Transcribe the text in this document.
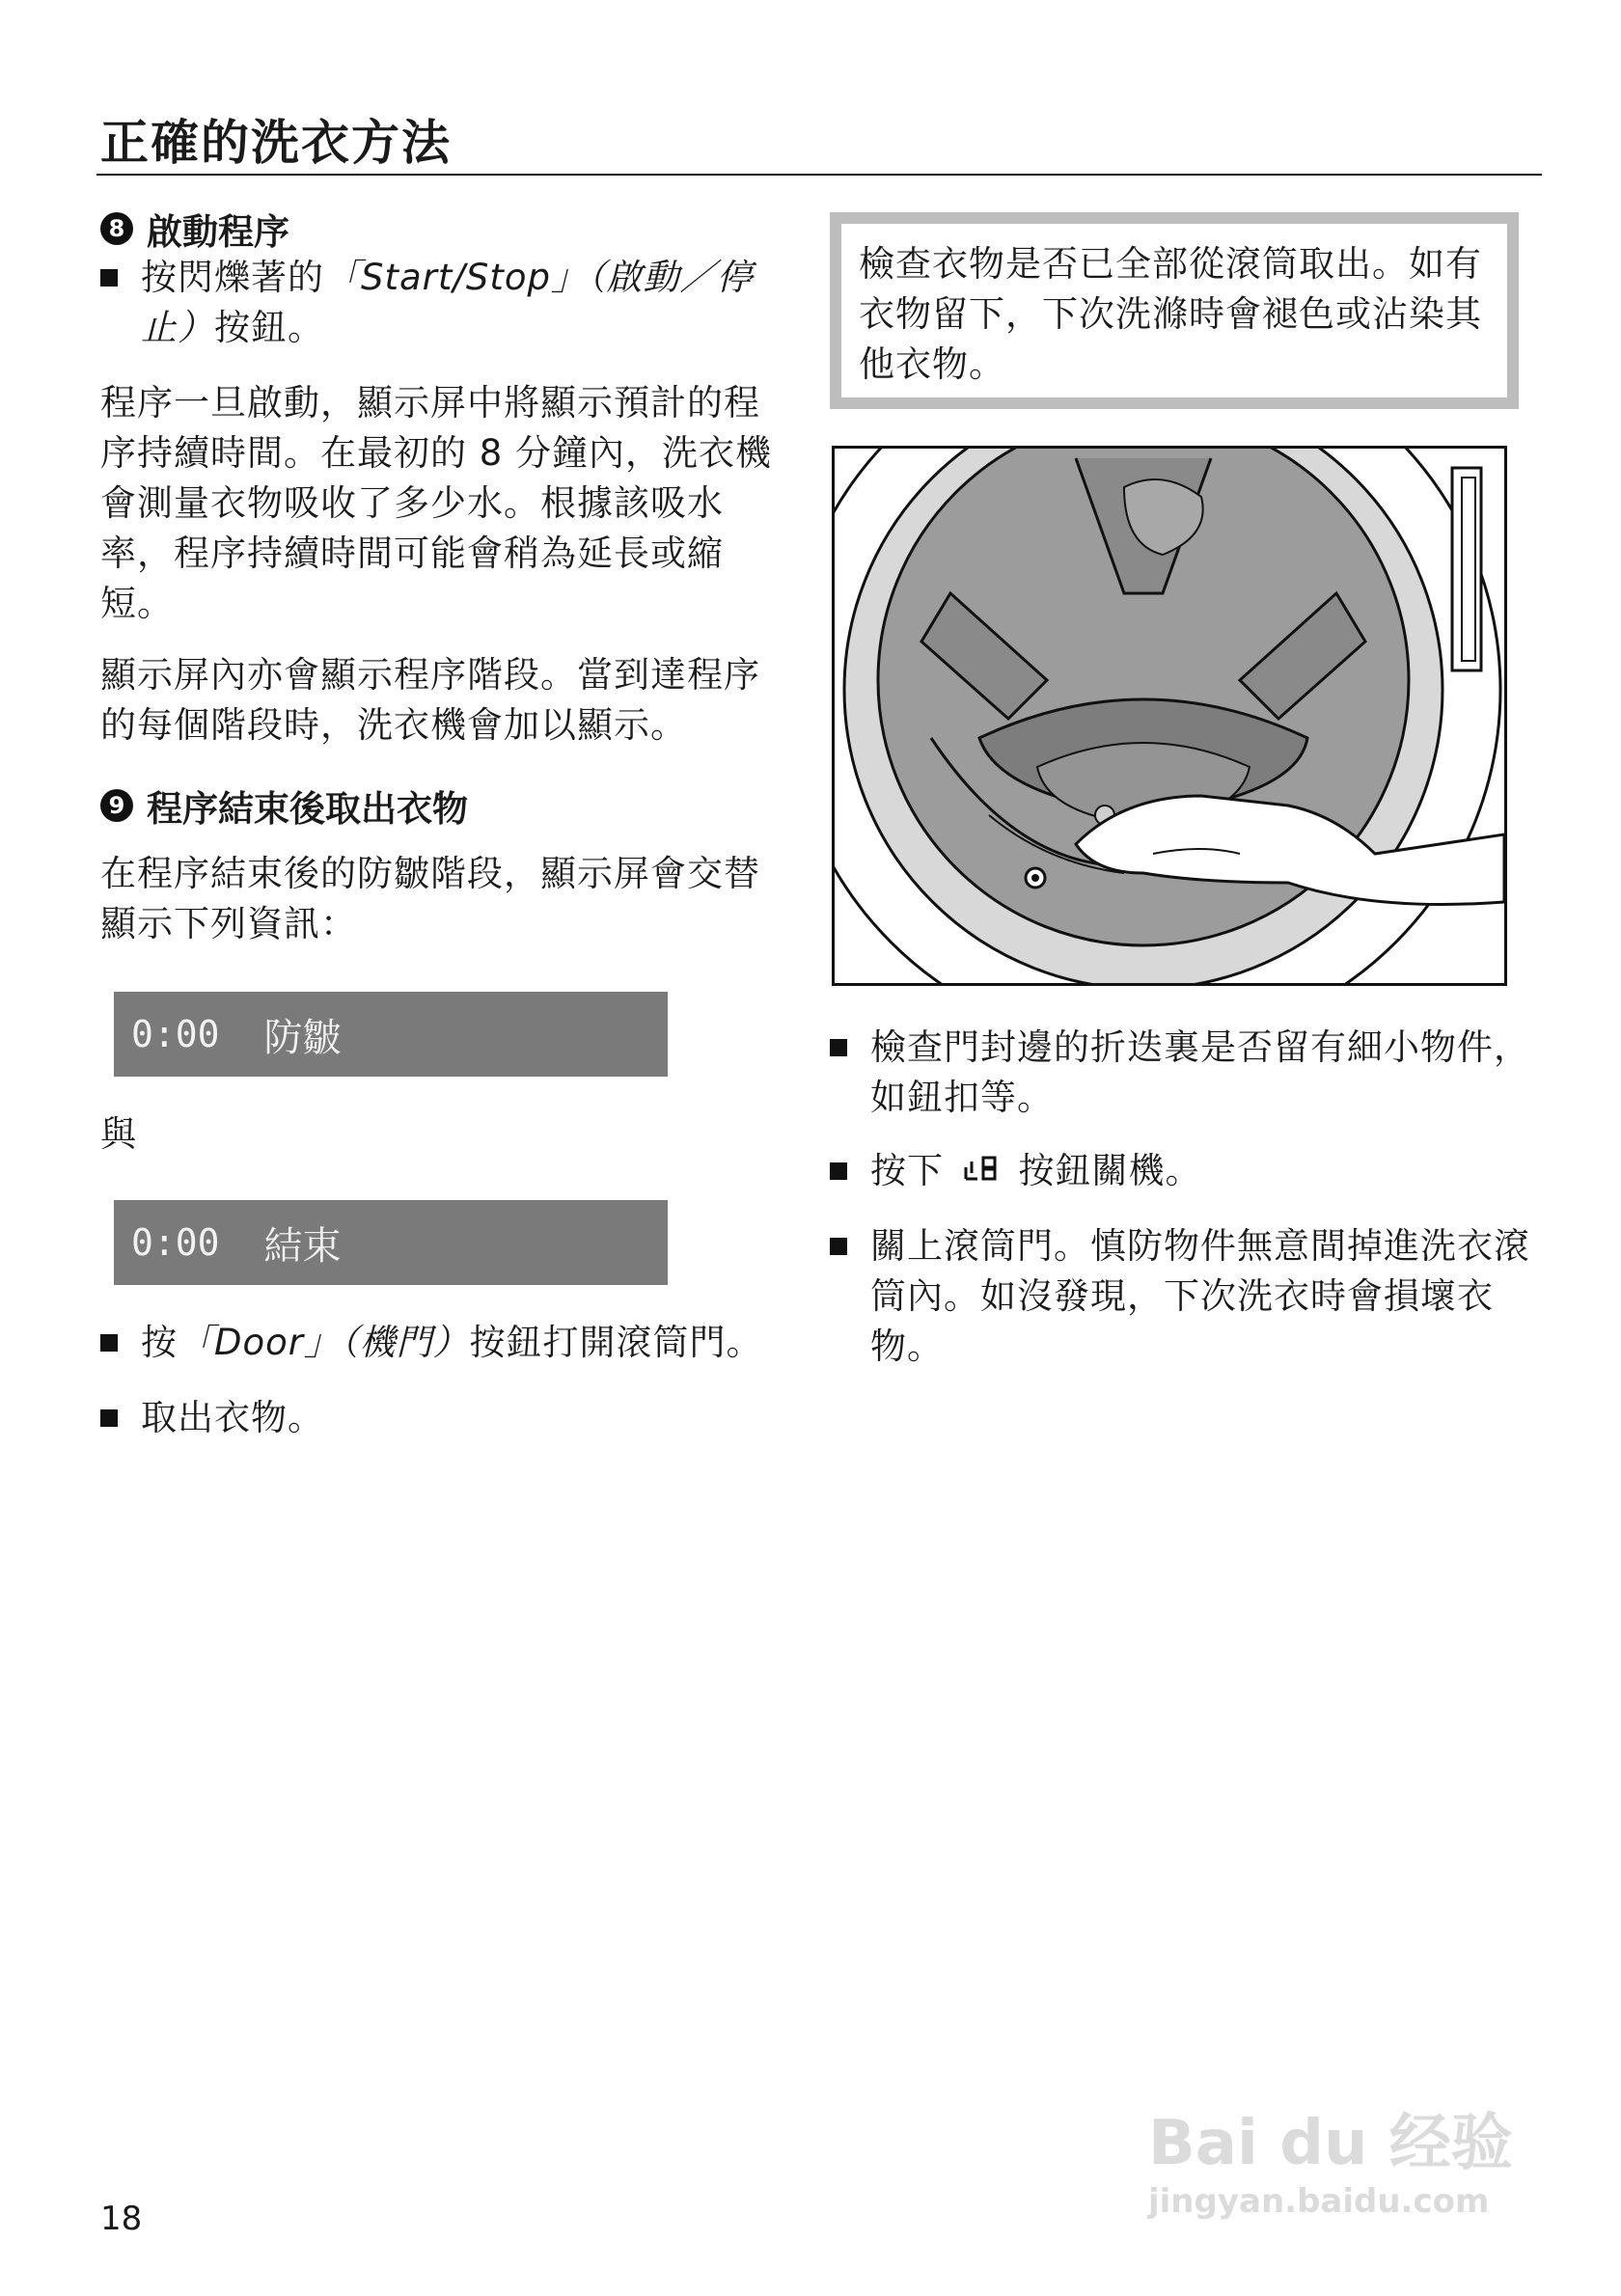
正確的洗衣方法
8 啟動程序
按閃爍著的「Start/Stop」（啟動／停止）按鈕。
程序一旦啟動，顯示屏中將顯示預計的程序持續時間。在最初的 8 分鐘內，洗衣機會測量衣物吸收了多少水。根據該吸水率，程序持續時間可能會稍為延長或縮短。
顯示屏內亦會顯示程序階段。當到達程序的每個階段時，洗衣機會加以顯示。
9 程序結束後取出衣物
在程序結束後的防皺階段，顯示屏會交替顯示下列資訊：
0:00 防皺
與
0:00 結束
按「Door」（機門）按鈕打開滾筒門。
取出衣物。
檢查衣物是否已全部從滾筒取出。如有衣物留下，下次洗滌時會褪色或沾染其他衣物。
檢查門封邊的折迭裏是否留有細小物件，如鈕扣等。
按下 按鈕關機。
關上滾筒門。慎防物件無意間掉進洗衣滾筒內。如沒發現，下次洗衣時會損壞衣物。
18
Bai du 经验
jingyan.baidu.com
